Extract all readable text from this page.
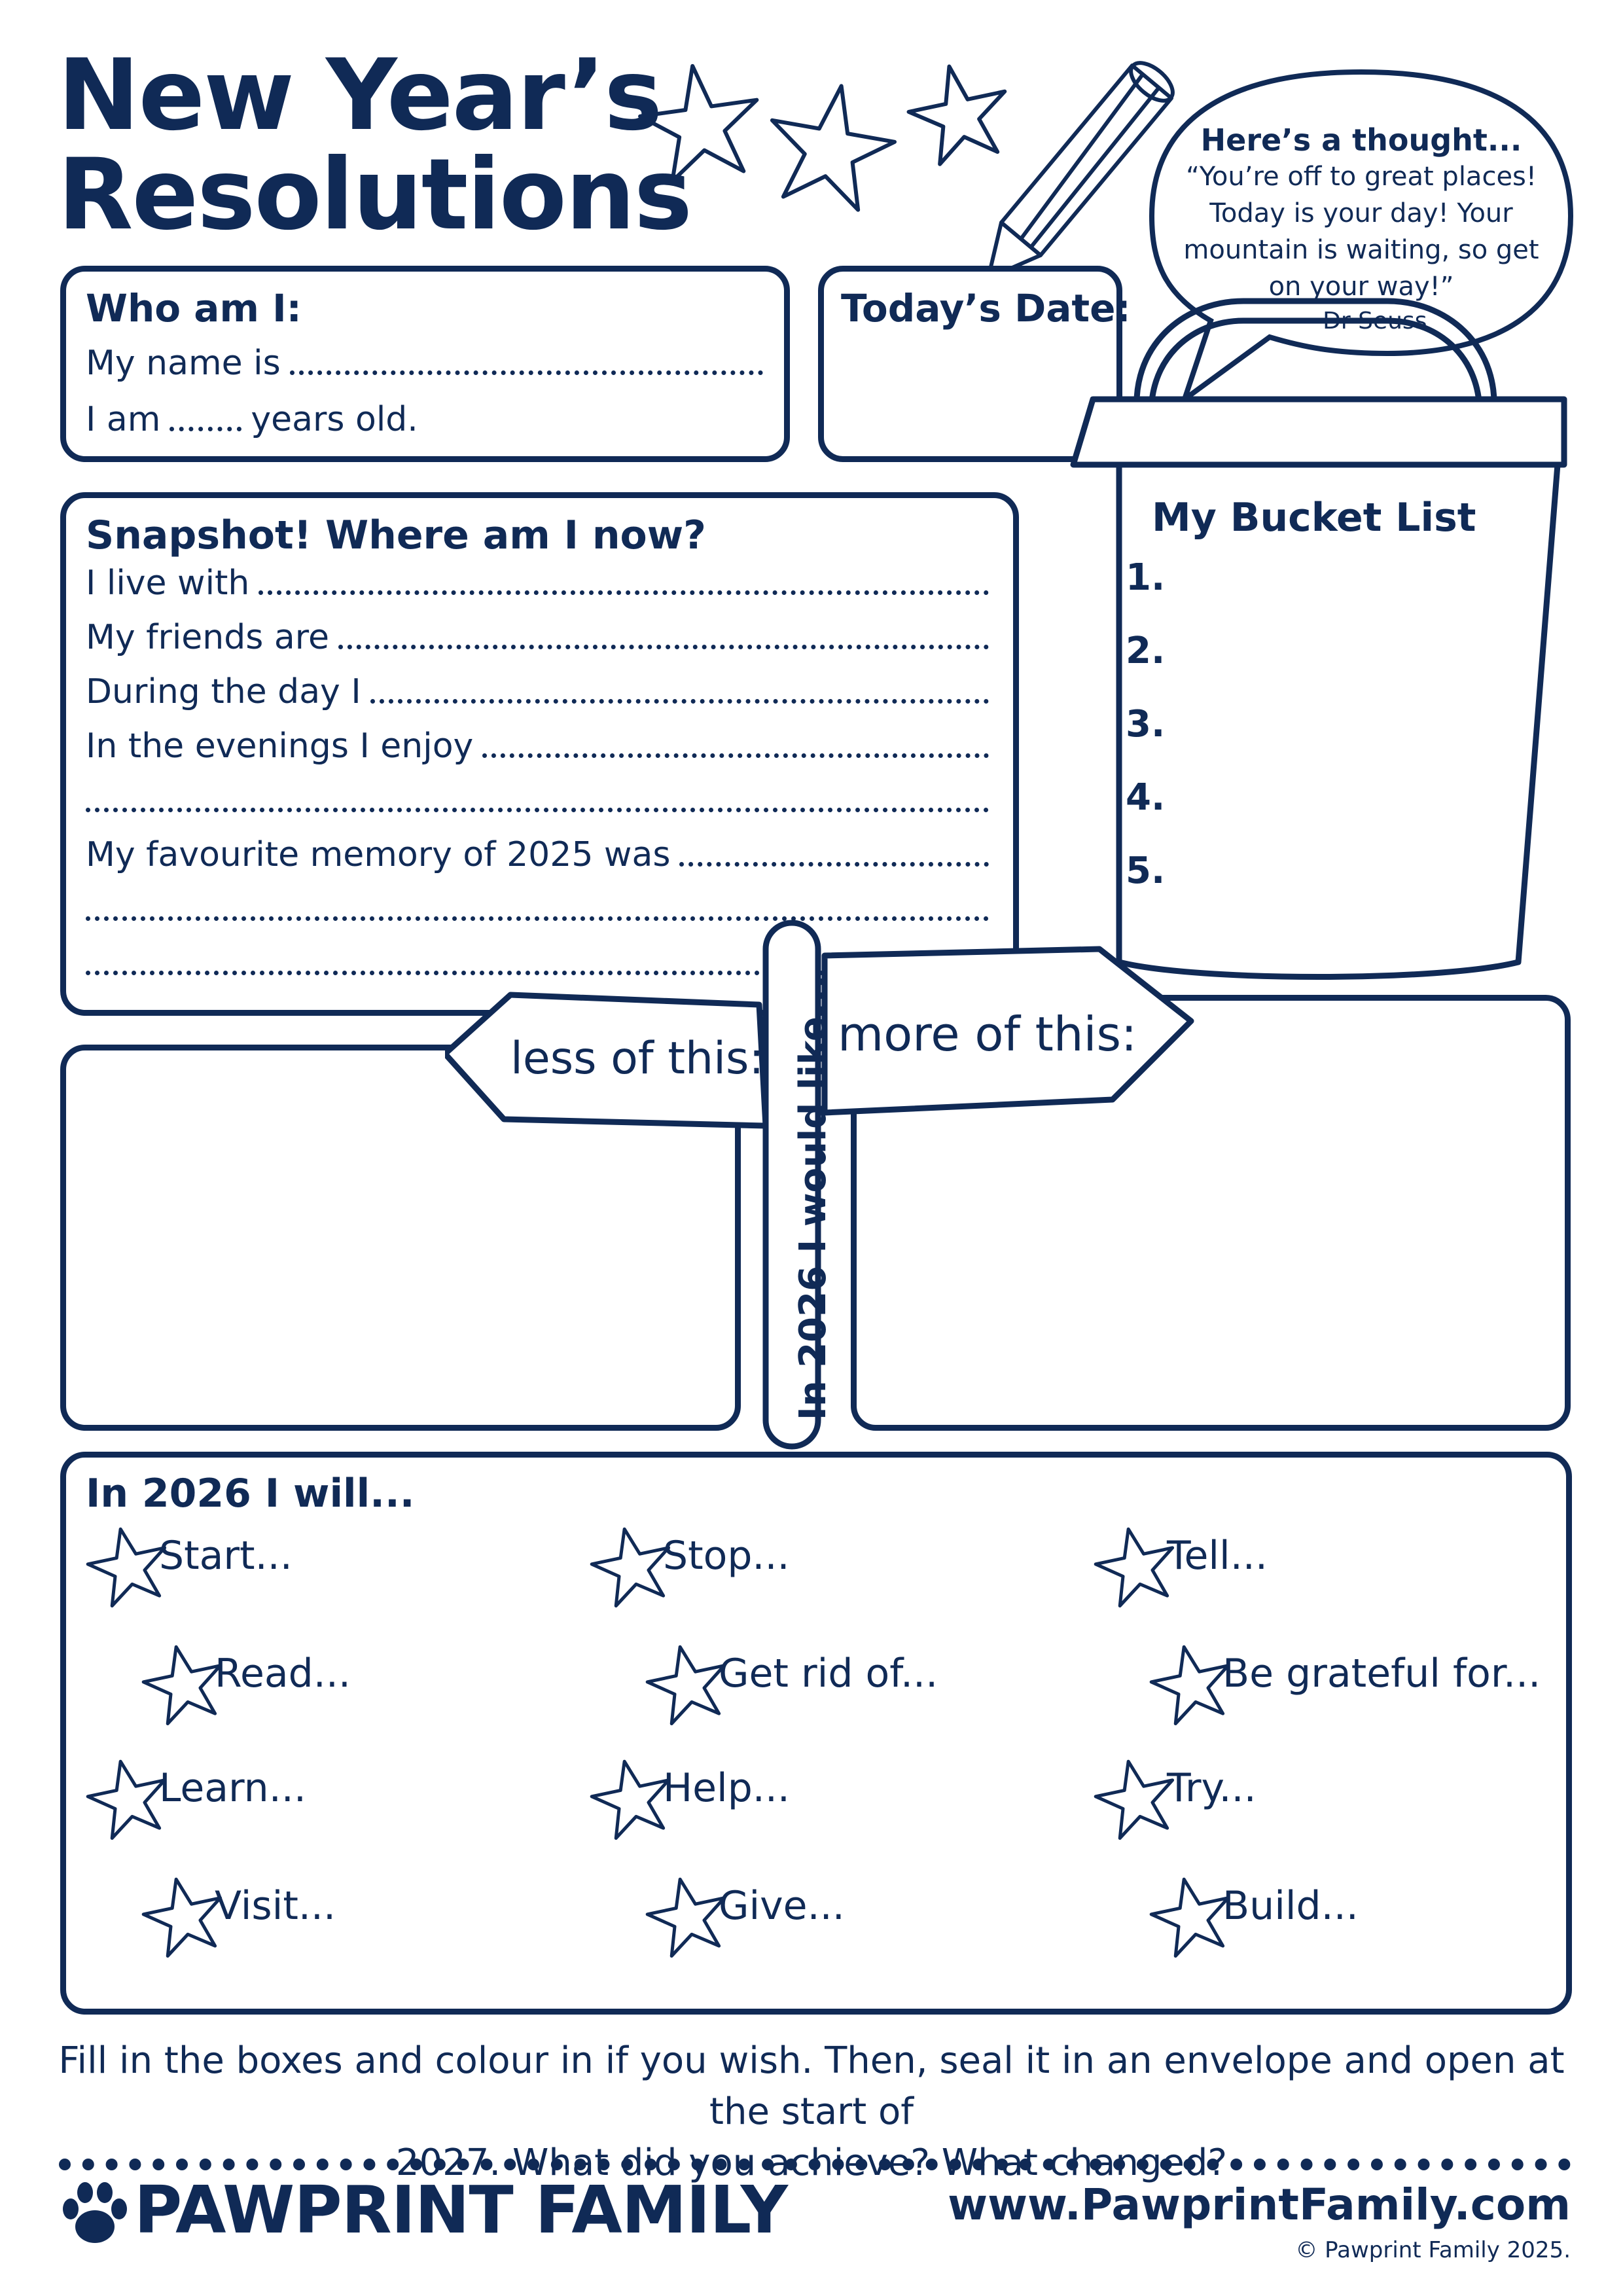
New Year’s
Resolutions	Here’s a thought...
“You’re off to great places!
Today is your day! Your
mountain is waiting, so get
on your way!”
~ Dr Seuss
Who am I:
My name is
I am	years old.
Today’s Date:
Snapshot! Where am I now?
I live with
My friends are
During the day I
In the evenings I enjoy

My favourite memory of 2025 was

My Bucket List
1.
2.
3.
4.
5.
less of this: more of this:
In 2026 I would like...
In 2026 I will...
Start...	Stop...	Tell...
Read...	Get rid of...	Be grateful for...
Learn...	Help...	Try...
Visit...	Give...	Build...
Fill in the boxes and colour in if you wish. Then, seal it in an envelope and open at the start of
2027. What did you achieve? What changed?
PAWPRINT FAMILY	www.PawprintFamily.com
© Pawprint Family 2025.
